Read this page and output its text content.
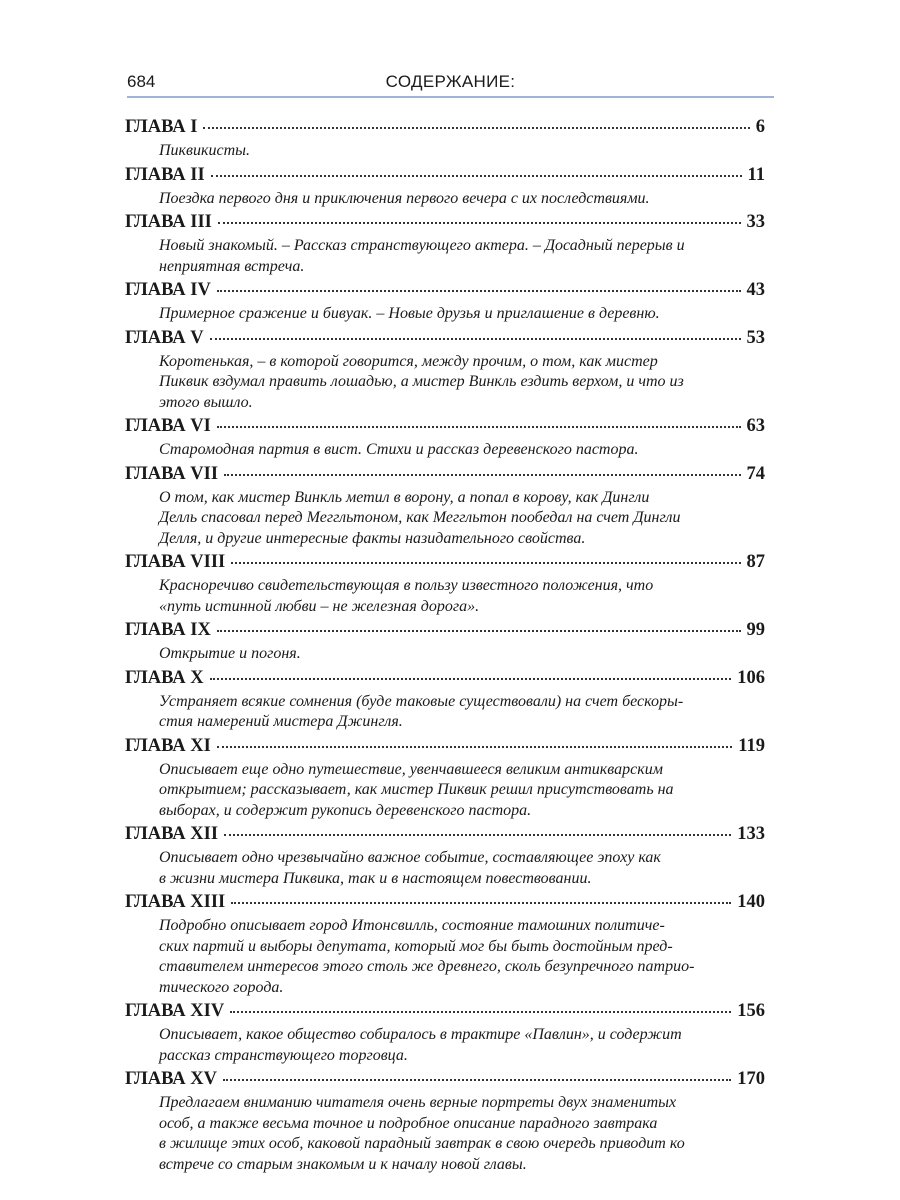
684	СОДЕРЖАНИЕ:
ГЛАВА I	6
Пиквикисты.
ГЛАВА II	11
Поездка первого дня и приключения первого вечера с их последствиями.
ГЛАВА III	33
Новый знакомый. – Рассказ странствующего актера. – Досадный перерыв и
неприятная встреча.
ГЛАВА IV	43
Примерное сражение и бивуак. – Новые друзья и приглашение в деревню.
ГЛАВА V	53
Коротенькая, – в которой говорится, между прочим, о том, как мистер
Пиквик вздумал править лошадью, а мистер Винкль ездить верхом, и что из
этого вышло.
ГЛАВА VI	63
Старомодная партия в вист. Стихи и рассказ деревенского пастора.
ГЛАВА VII	74
О том, как мистер Винкль метил в ворону, а попал в корову, как Дингли
Делль спасовал перед Меггльтоном, как Меггльтон пообедал на счет Дингли
Делля, и другие интересные факты назидательного свойства.
ГЛАВА VIII	87
Красноречиво свидетельствующая в пользу известного положения, что
«путь истинной любви – не железная дорога».
ГЛАВА IX	99
Открытие и погоня.
ГЛАВА X	106
Устраняет всякие сомнения (буде таковые существовали) на счет бескоры-
стия намерений мистера Джингля.
ГЛАВА XI	119
Описывает еще одно путешествие, увенчавшееся великим антикварским
открытием; рассказывает, как мистер Пиквик решил присутствовать на
выборах, и содержит рукопись деревенского пастора.
ГЛАВА XII	133
Описывает одно чрезвычайно важное событие, составляющее эпоху как
в жизни мистера Пиквика, так и в настоящем повествовании.
ГЛАВА XIII	140
Подробно описывает город Итонсвилль, состояние тамошних политиче-
ских партий и выборы депутата, который мог бы быть достойным пред-
ставителем интересов этого столь же древнего, сколь безупречного патрио-
тического города.
ГЛАВА XIV	156
Описывает, какое общество собиралось в трактире «Павлин», и содержит
рассказ странствующего торговца.
ГЛАВА XV	170
Предлагаем вниманию читателя очень верные портреты двух знаменитых
особ, а также весьма точное и подробное описание парадного завтрака
в жилище этих особ, каковой парадный завтрак в свою очередь приводит ко
встрече со старым знакомым и к началу новой главы.
